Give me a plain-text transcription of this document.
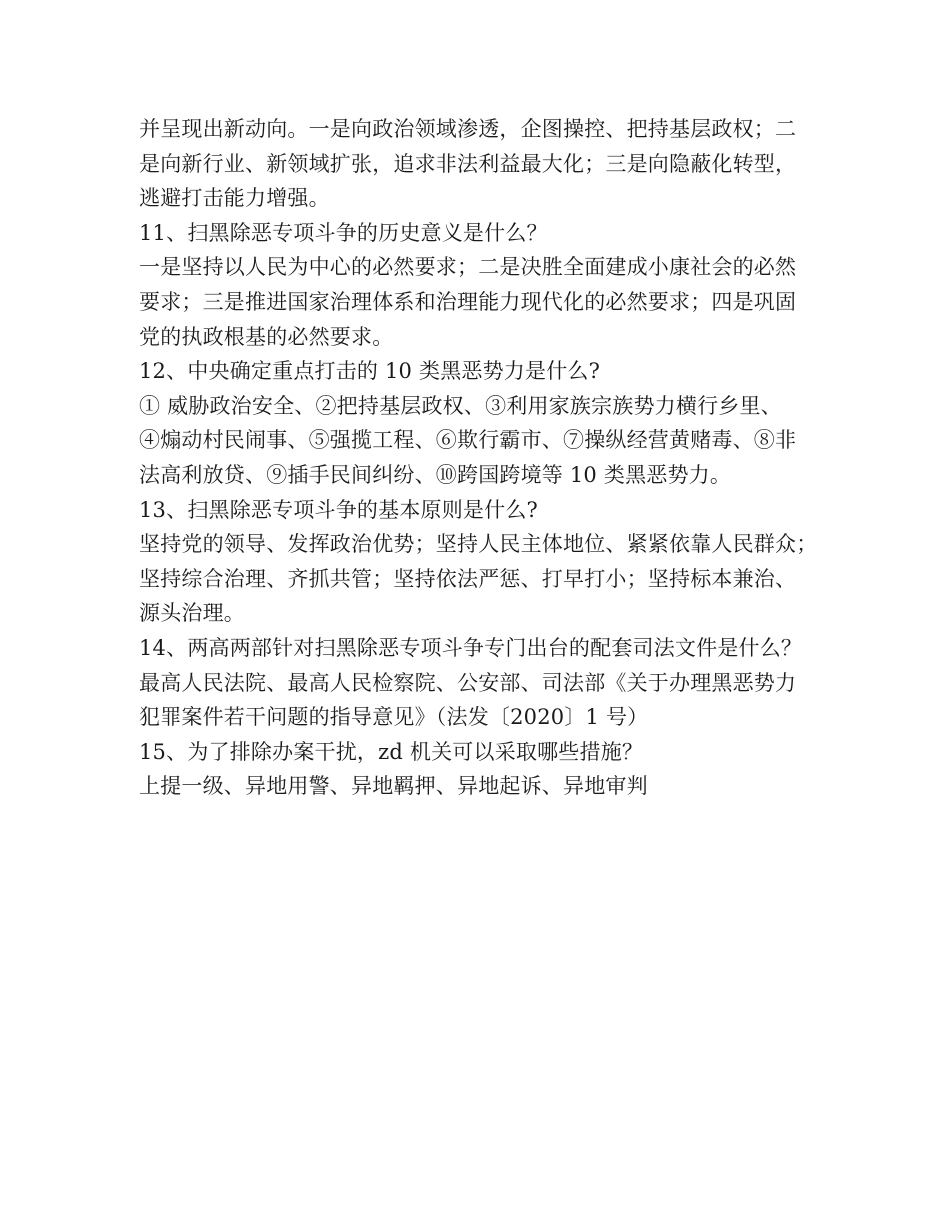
并呈现出新动向。一是向政治领域渗透，企图操控、把持基层政权；二
是向新行业、新领域扩张，追求非法利益最大化；三是向隐蔽化转型，
逃避打击能力增强。
11、扫黑除恶专项斗争的历史意义是什么？
一是坚持以人民为中心的必然要求；二是决胜全面建成小康社会的必然
要求；三是推进国家治理体系和治理能力现代化的必然要求；四是巩固
党的执政根基的必然要求。
12、中央确定重点打击的 10 类黑恶势力是什么?
① 威胁政治安全、②把持基层政权、③利用家族宗族势力横行乡里、
④煽动村民闹事、⑤强揽工程、⑥欺行霸市、⑦操纵经营黄赌毒、⑧非
法高利放贷、⑨插手民间纠纷、⑩跨国跨境等 10 类黑恶势力。
13、扫黑除恶专项斗争的基本原则是什么?
坚持党的领导、发挥政治优势；坚持人民主体地位、紧紧依靠人民群众；
坚持综合治理、齐抓共管；坚持依法严惩、打早打小；坚持标本兼治、
源头治理。
14、两高两部针对扫黑除恶专项斗争专门出台的配套司法文件是什么？
最高人民法院、最高人民检察院、公安部、司法部《关于办理黑恶势力
犯罪案件若干问题的指导意见》（法发〔2020〕1 号）
15、为了排除办案干扰，zd 机关可以采取哪些措施？
上提一级、异地用警、异地羁押、异地起诉、异地审判
